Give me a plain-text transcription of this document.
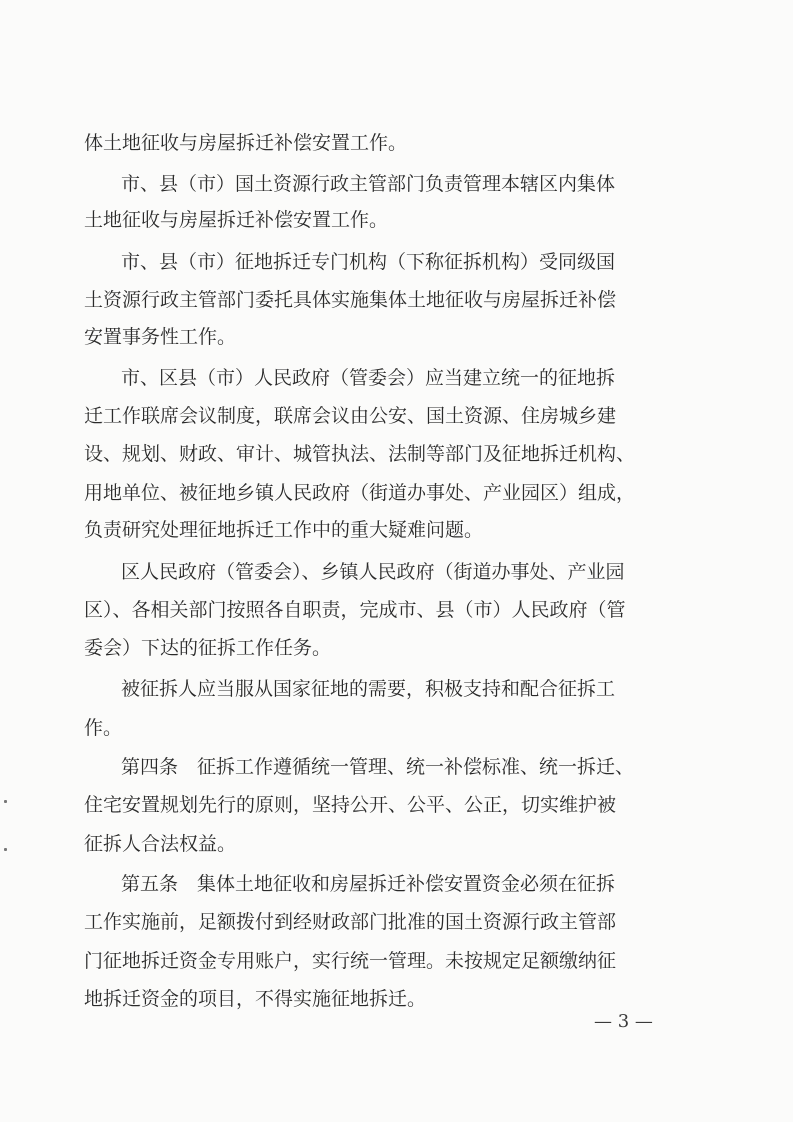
体土地征收与房屋拆迁补偿安置工作。
市、县（市）国土资源行政主管部门负责管理本辖区内集体
土地征收与房屋拆迁补偿安置工作。
市、县（市）征地拆迁专门机构（下称征拆机构）受同级国
土资源行政主管部门委托具体实施集体土地征收与房屋拆迁补偿
安置事务性工作。
市、区县（市）人民政府（管委会）应当建立统一的征地拆
迁工作联席会议制度，联席会议由公安、国土资源、住房城乡建
设、规划、财政、审计、城管执法、法制等部门及征地拆迁机构、
用地单位、被征地乡镇人民政府（街道办事处、产业园区）组成，
负责研究处理征地拆迁工作中的重大疑难问题。
区人民政府（管委会）、乡镇人民政府（街道办事处、产业园
区）、各相关部门按照各自职责，完成市、县（市）人民政府（管
委会）下达的征拆工作任务。
被征拆人应当服从国家征地的需要，积极支持和配合征拆工
作。
第四条　征拆工作遵循统一管理、统一补偿标准、统一拆迁、
住宅安置规划先行的原则，坚持公开、公平、公正，切实维护被
征拆人合法权益。
第五条　集体土地征收和房屋拆迁补偿安置资金必须在征拆
工作实施前，足额拨付到经财政部门批准的国土资源行政主管部
门征地拆迁资金专用账户，实行统一管理。未按规定足额缴纳征
地拆迁资金的项目，不得实施征地拆迁。
— 3 —
